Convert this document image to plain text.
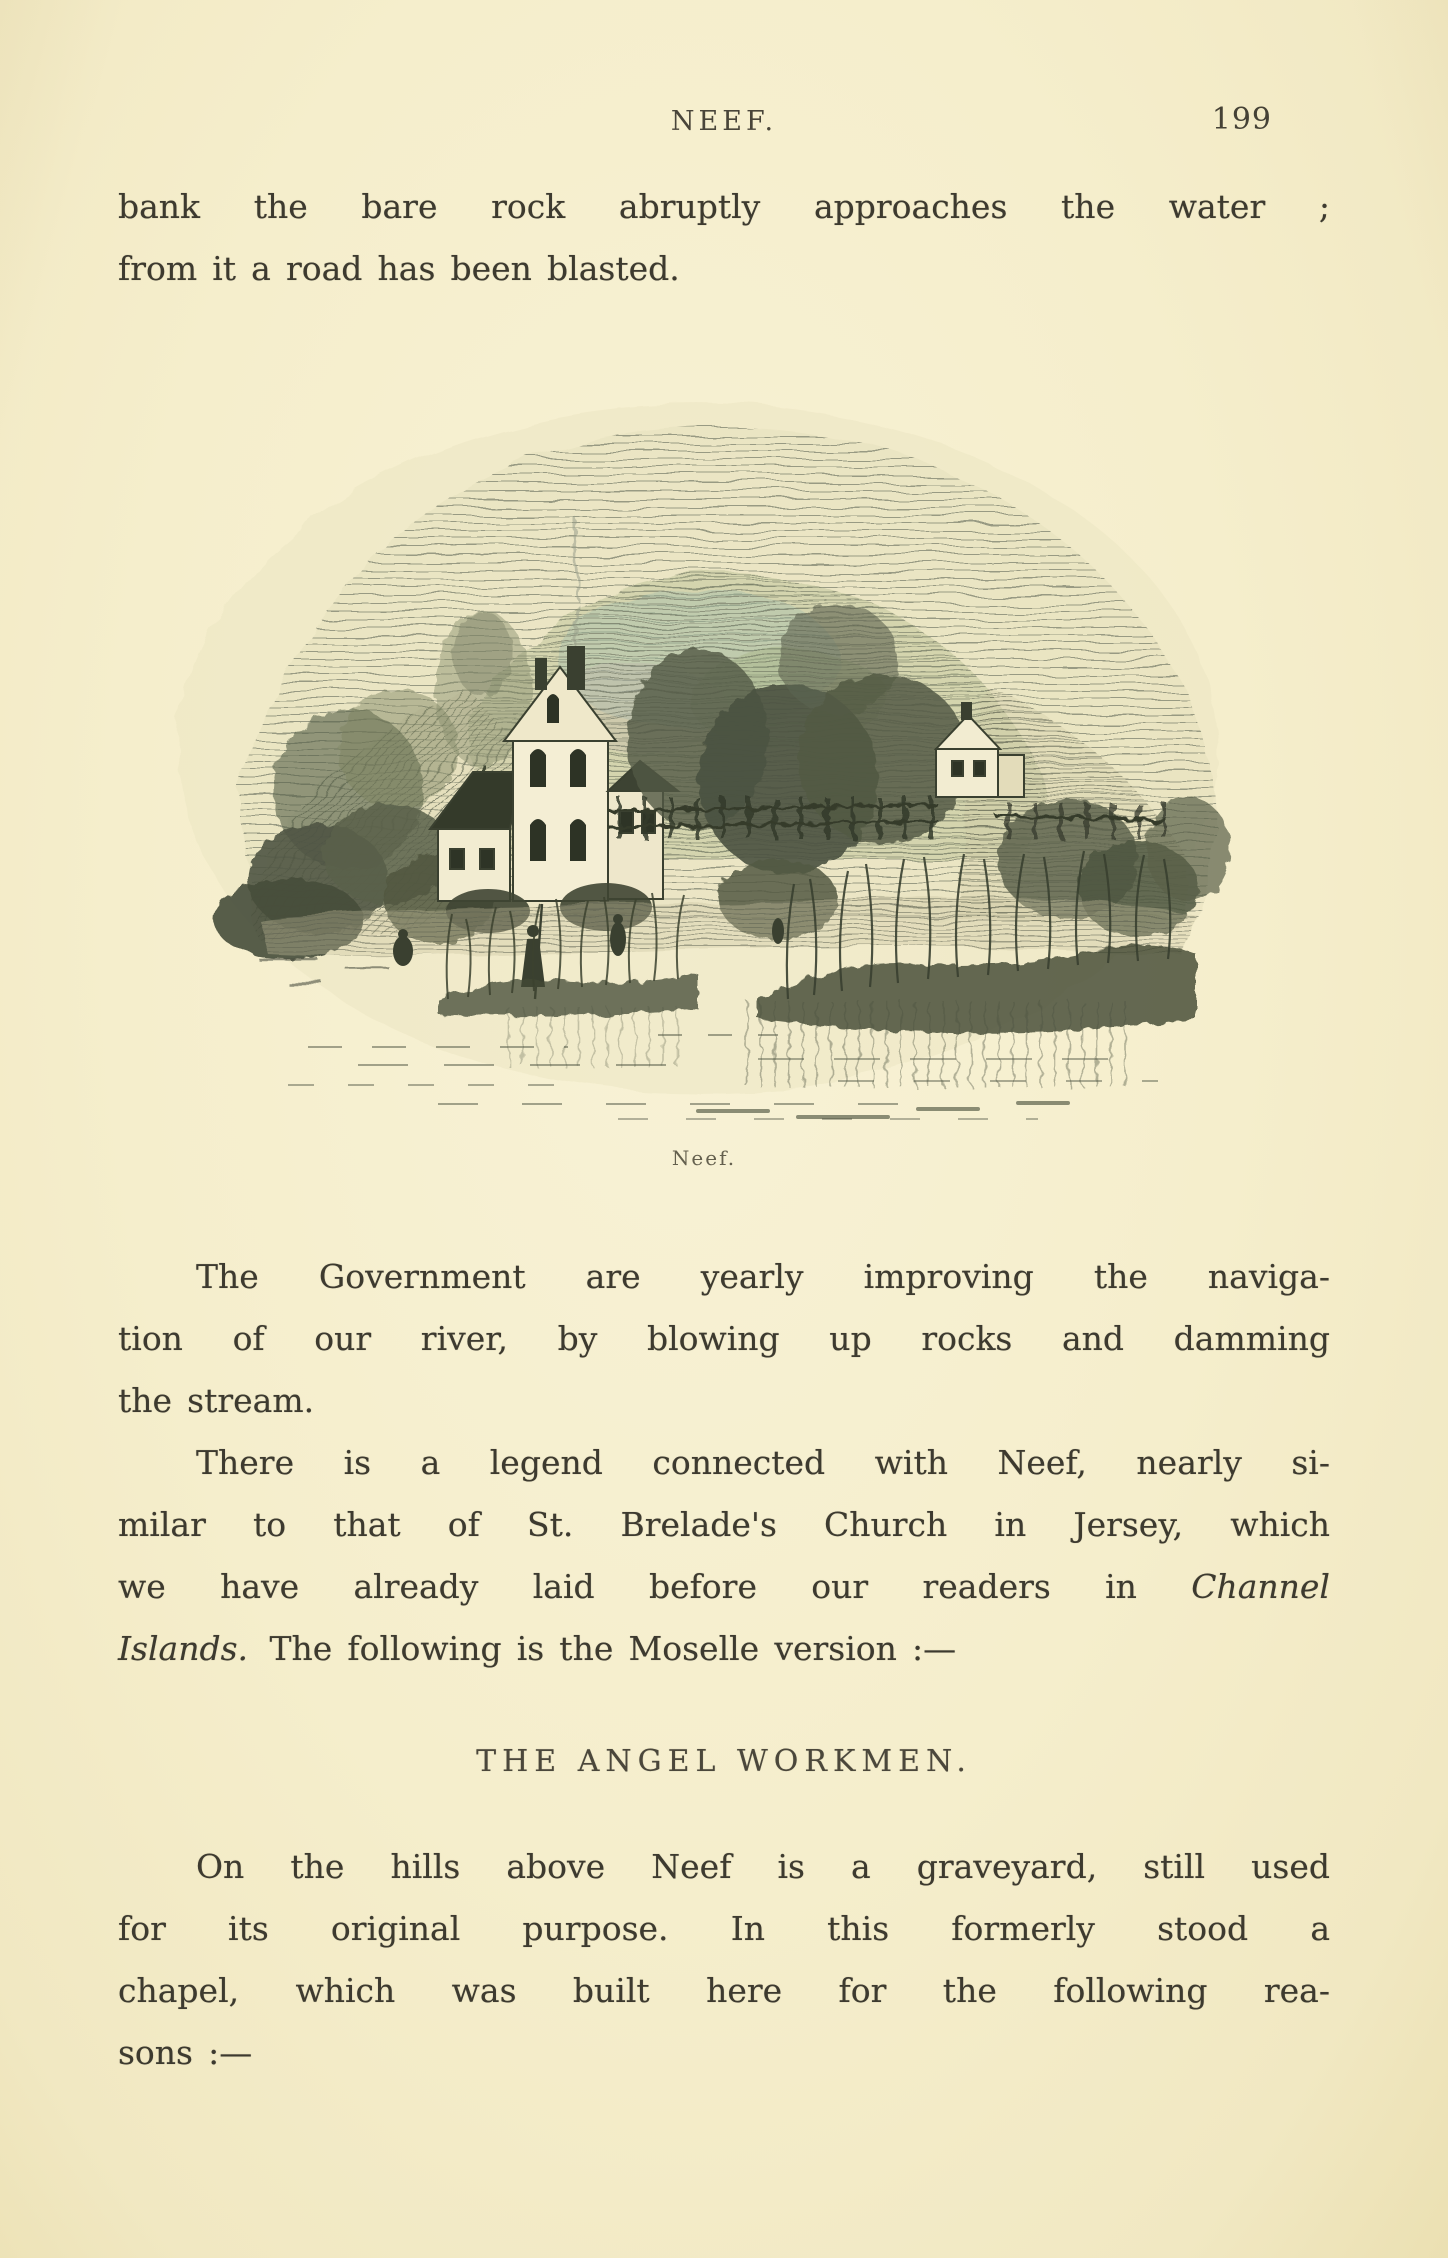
NEEF.	199
bank the bare rock abruptly approaches the water ;
from it a road has been blasted.
Neef.
The Government are yearly improving the naviga-
tion of our river, by blowing up rocks and damming
the stream.
There is a legend connected with Neef, nearly si-
milar to that of St. Brelade's Church in Jersey, which
we have already laid before our readers in Channel
Islands. The following is the Moselle version :—
THE ANGEL WORKMEN.
On the hills above Neef is a graveyard, still used
for its original purpose. In this formerly stood a
chapel, which was built here for the following rea-
sons :—
